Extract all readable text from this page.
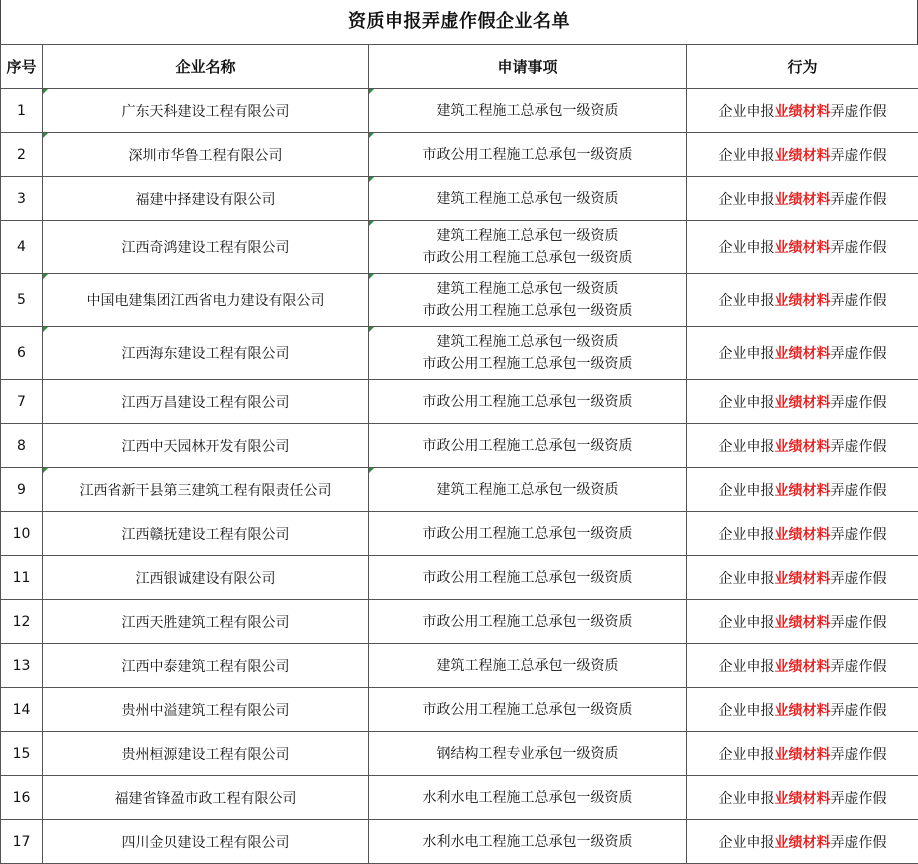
资质申报弄虚作假企业名单
序号	企业名称	申请事项	行为
1	广东天科建设工程有限公司	建筑工程施工总承包一级资质	企业申报业绩材料弄虚作假
2	深圳市华鲁工程有限公司	市政公用工程施工总承包一级资质	企业申报业绩材料弄虚作假
3	福建中择建设有限公司	建筑工程施工总承包一级资质	企业申报业绩材料弄虚作假
4	江西奇鸿建设工程有限公司	建筑工程施工总承包一级资质
市政公用工程施工总承包一级资质	企业申报业绩材料弄虚作假
5	中国电建集团江西省电力建设有限公司	建筑工程施工总承包一级资质
市政公用工程施工总承包一级资质	企业申报业绩材料弄虚作假
6	江西海东建设工程有限公司	建筑工程施工总承包一级资质
市政公用工程施工总承包一级资质	企业申报业绩材料弄虚作假
7	江西万昌建设工程有限公司	市政公用工程施工总承包一级资质	企业申报业绩材料弄虚作假
8	江西中天园林开发有限公司	市政公用工程施工总承包一级资质	企业申报业绩材料弄虚作假
9	江西省新干县第三建筑工程有限责任公司	建筑工程施工总承包一级资质	企业申报业绩材料弄虚作假
10	江西赣抚建设工程有限公司	市政公用工程施工总承包一级资质	企业申报业绩材料弄虚作假
11	江西银诚建设有限公司	市政公用工程施工总承包一级资质	企业申报业绩材料弄虚作假
12	江西天胜建筑工程有限公司	市政公用工程施工总承包一级资质	企业申报业绩材料弄虚作假
13	江西中泰建筑工程有限公司	建筑工程施工总承包一级资质	企业申报业绩材料弄虚作假
14	贵州中溢建筑工程有限公司	市政公用工程施工总承包一级资质	企业申报业绩材料弄虚作假
15	贵州桓源建设工程有限公司	钢结构工程专业承包一级资质	企业申报业绩材料弄虚作假
16	福建省锋盈市政工程有限公司	水利水电工程施工总承包一级资质	企业申报业绩材料弄虚作假
17	四川金贝建设工程有限公司	水利水电工程施工总承包一级资质	企业申报业绩材料弄虚作假
